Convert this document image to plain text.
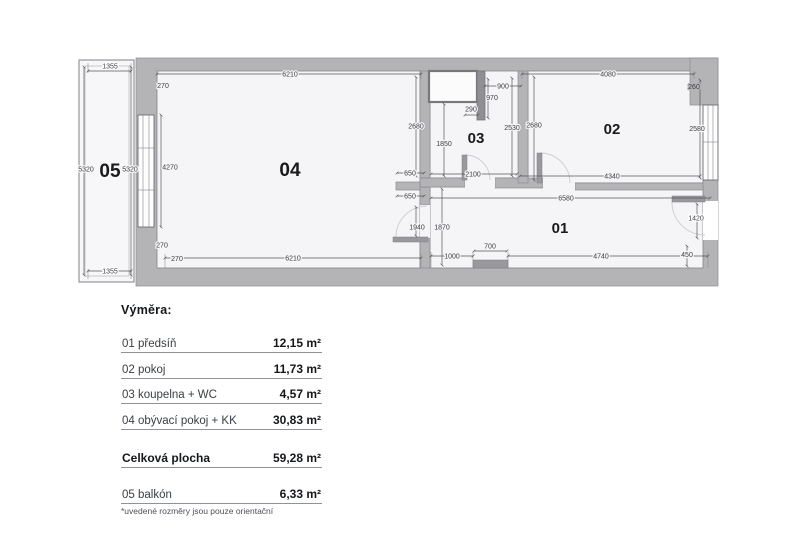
1355
1355
5320	5320
6210
270
4270
2680
650
650
900
970
290
1850
2530
2100
2680
4080
260
2580
4340
6580
1870
1940
1420
1000
700
4740	450
270
270	6210
05	04
03
02
01

Výměra:

01 předsíň	12,15 m²
02 pokoj	11,73 m²
03 koupelna + WC	4,57 m²
04 obývací pokoj + KK	30,83 m²
Celková plocha	59,28 m²
05 balkón	6,33 m²
*uvedené rozměry jsou pouze orientační
